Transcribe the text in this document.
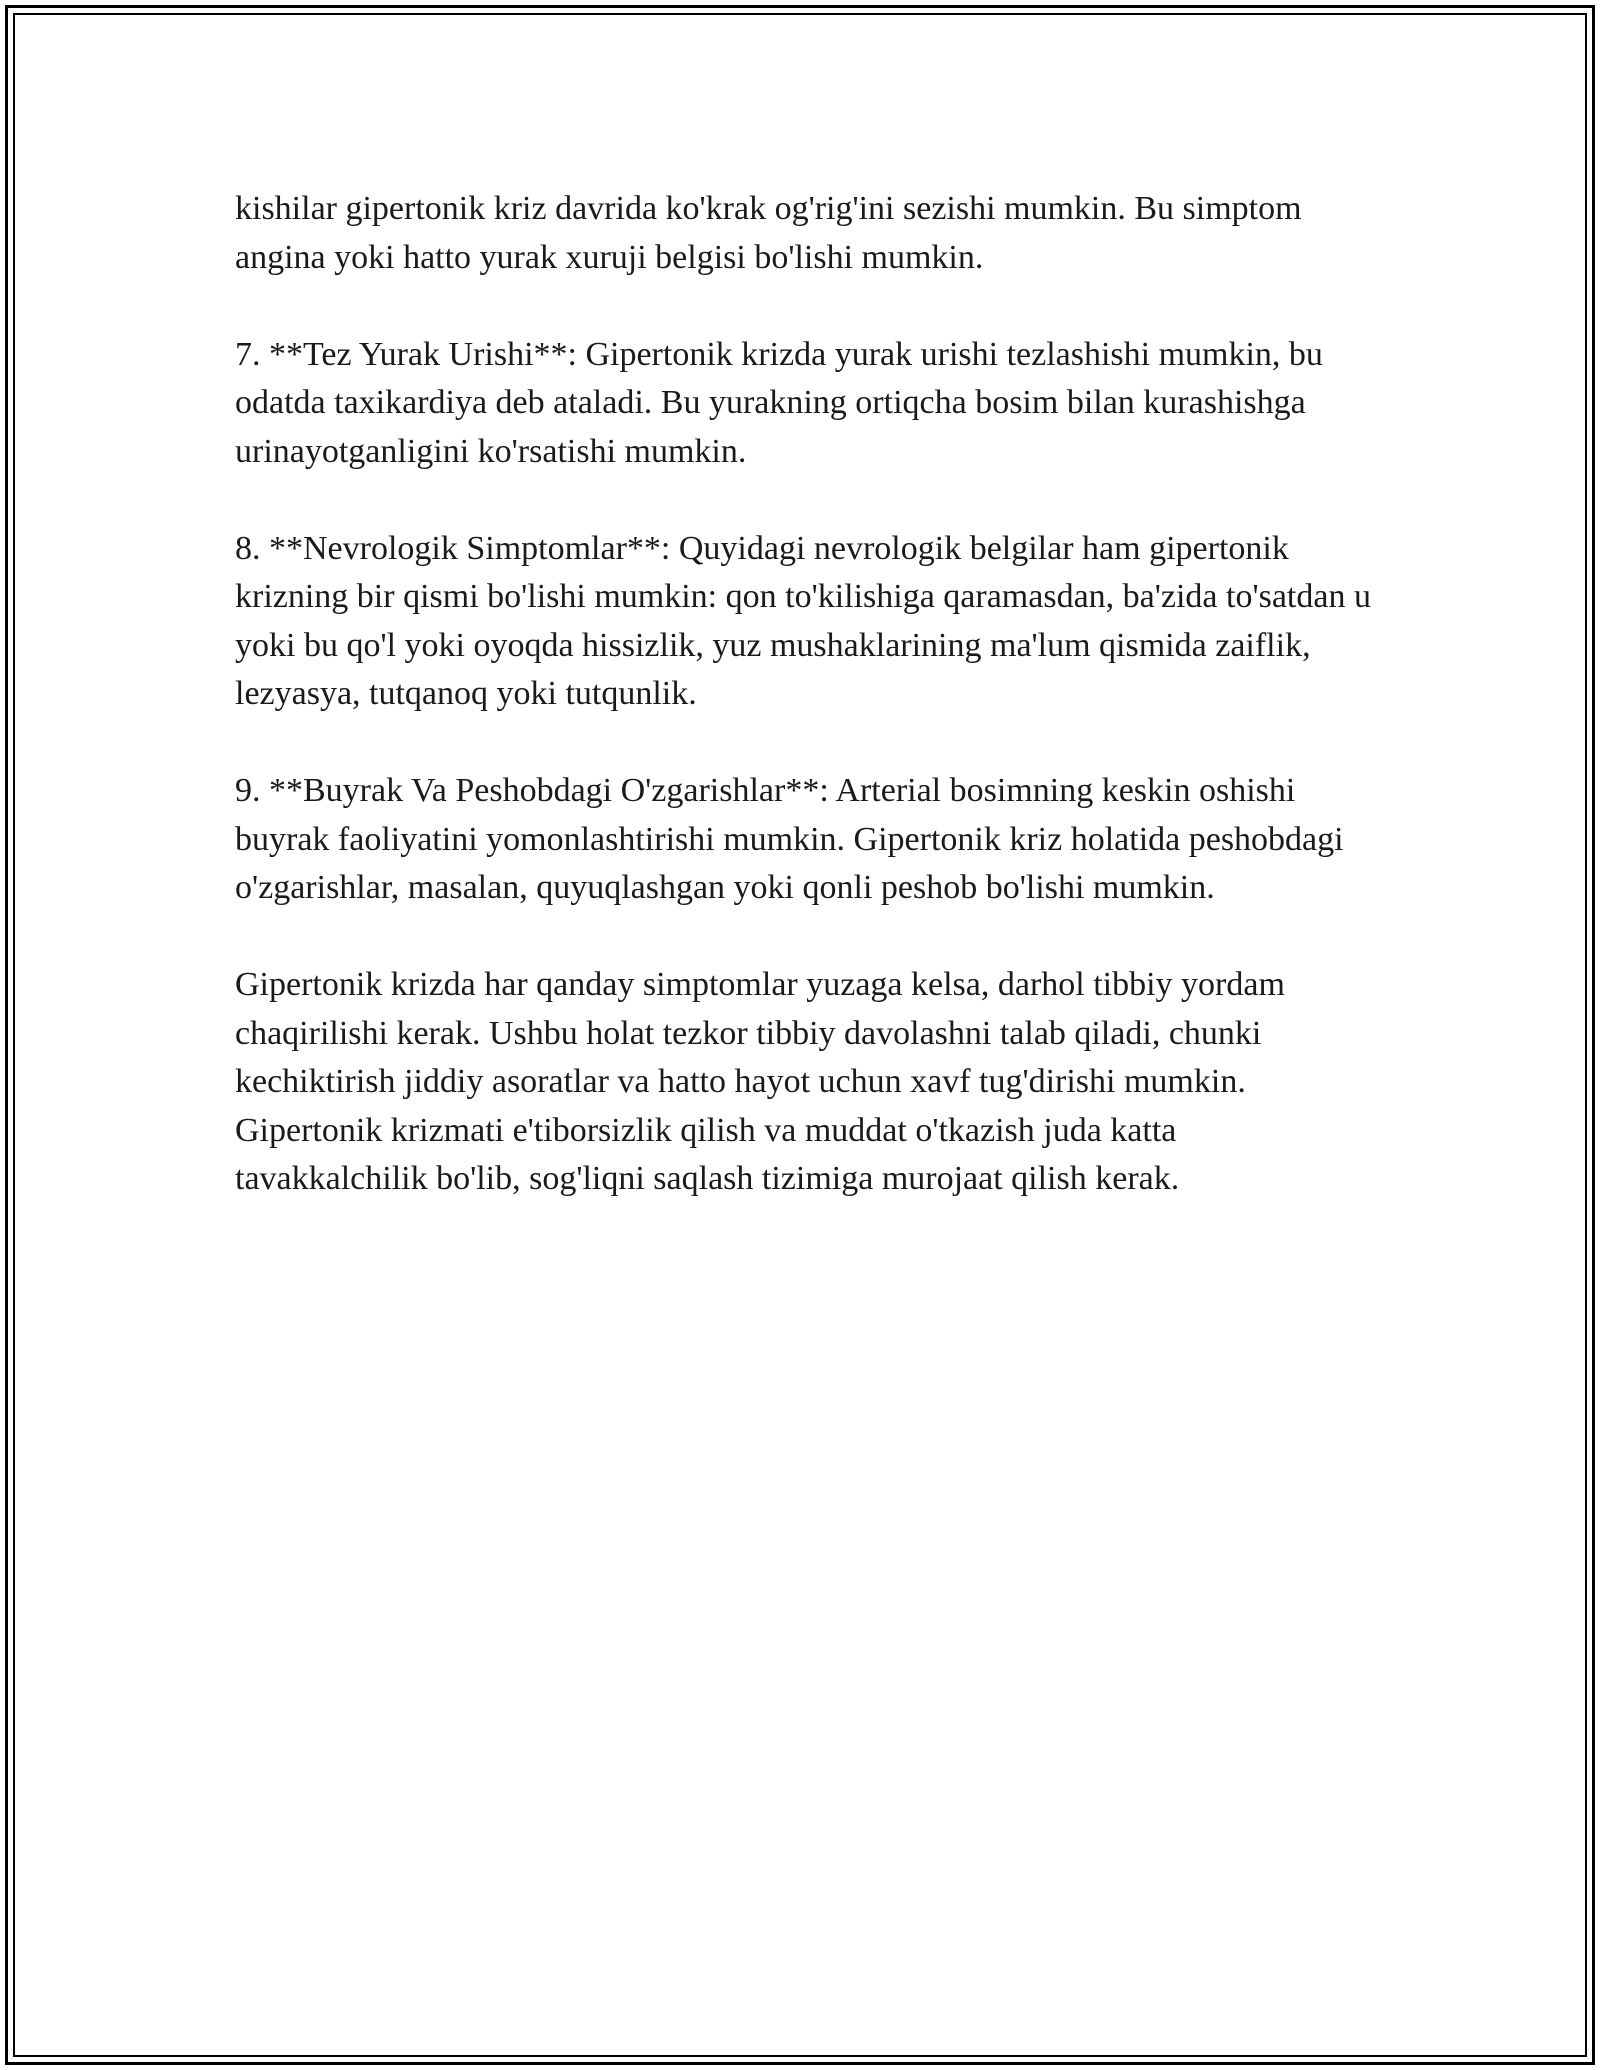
kishilar gipertonik kriz davrida ko'krak og'rig'ini sezishi mumkin. Bu simptom angina yoki hatto yurak xuruji belgisi bo'lishi mumkin.

7. **Tez Yurak Urishi**: Gipertonik krizda yurak urishi tezlashishi mumkin, bu odatda taxikardiya deb ataladi. Bu yurakning ortiqcha bosim bilan kurashishga urinayotganligini ko'rsatishi mumkin.

8. **Nevrologik Simptomlar**: Quyidagi nevrologik belgilar ham gipertonik krizning bir qismi bo'lishi mumkin: qon to'kilishiga qaramasdan, ba'zida to'satdan u yoki bu qo'l yoki oyoqda hissizlik, yuz mushaklarining ma'lum qismida zaiflik, lezyasya, tutqanoq yoki tutqunlik.

9. **Buyrak Va Peshobdagi O'zgarishlar**: Arterial bosimning keskin oshishi buyrak faoliyatini yomonlashtirishi mumkin. Gipertonik kriz holatida peshobdagi o'zgarishlar, masalan, quyuqlashgan yoki qonli peshob bo'lishi mumkin.

Gipertonik krizda har qanday simptomlar yuzaga kelsa, darhol tibbiy yordam chaqirilishi kerak. Ushbu holat tezkor tibbiy davolashni talab qiladi, chunki kechiktirish jiddiy asoratlar va hatto hayot uchun xavf tug'dirishi mumkin. Gipertonik krizmati e'tiborsizlik qilish va muddat o'tkazish juda katta tavakkalchilik bo'lib, sog'liqni saqlash tizimiga murojaat qilish kerak.
